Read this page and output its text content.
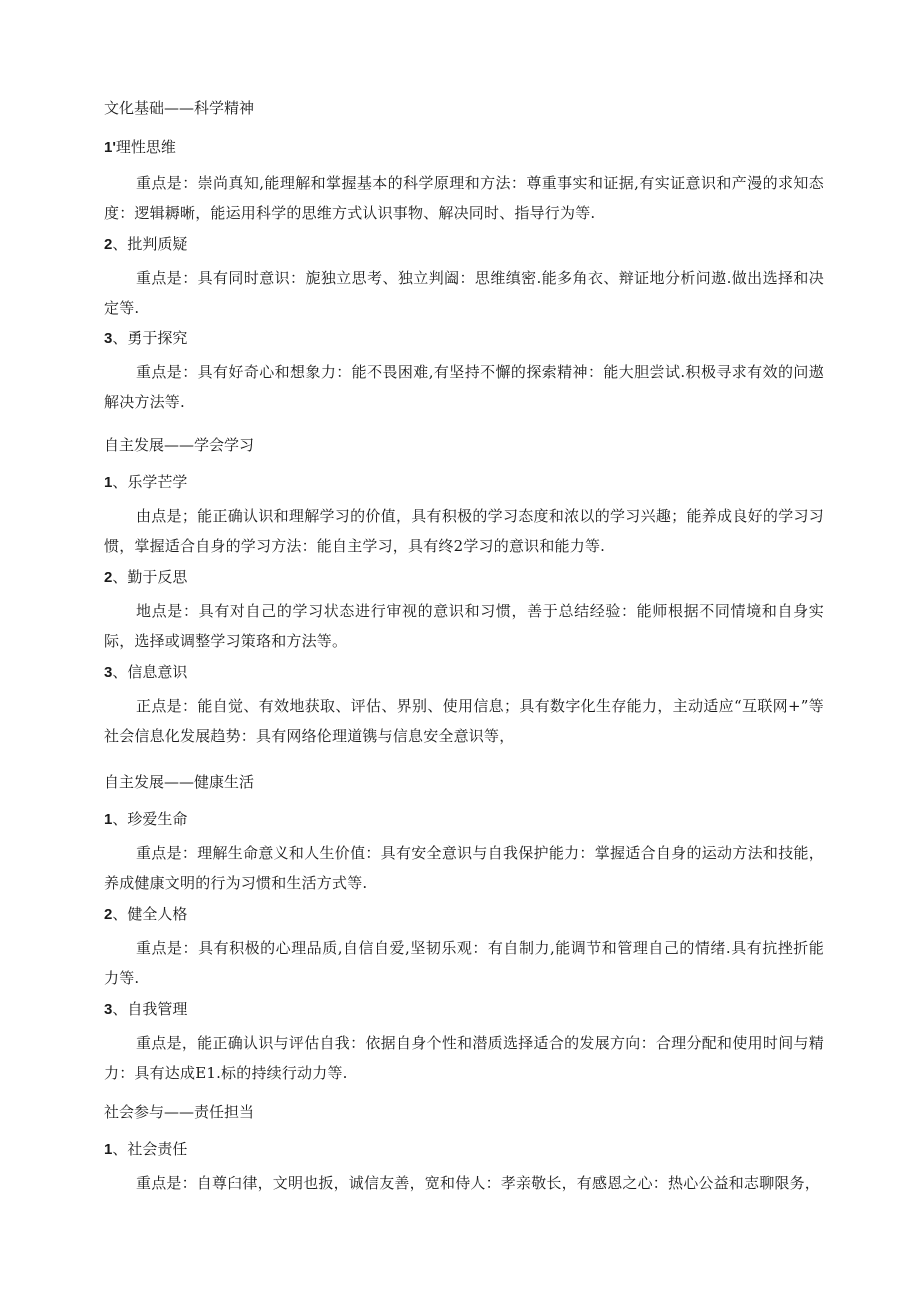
文化基础——科学精神
1'理性思维
重点是：崇尚真知,能理解和掌握基本的科学原理和方法：尊重事实和证据,有实证意识和产漫的求知态度：逻辑耨晰，能运用科学的思维方式认识事物、解决同时、指导行为等.
2、批判质疑
重点是：具有同时意识：旎独立思考、独立判阖：思维缜密.能多角衣、辩证地分析问遨.做出选择和决定等.
3、勇于探究
重点是：具有好奇心和想象力：能不畏困难,有坚持不懈的探索精神：能大胆尝试.积极寻求有效的问遨解决方法等.
自主发展——学会学习
1、乐学芒学
由点是；能正确认识和理解学习的价值，具有积极的学习态度和浓以的学习兴趣；能养成良好的学习习惯，掌握适合自身的学习方法：能自主学习，具有终2学习的意识和能力等.
2、勤于反思
地点是：具有对自己的学习状态进行审视的意识和习惯，善于总结经验：能师根据不同情境和自身实际，选择或调整学习策珞和方法等。
3、信息意识
正点是：能自觉、有效地获取、评估、界别、使用信息；具有数字化生存能力，主动适应“互联网+”等社会信息化发展趋势：具有网络伦理道镌与信息安全意识等，
自主发展——健康生活
1、珍爱生命
重点是：理解生命意义和人生价值：具有安全意识与自我保护能力：掌握适合自身的运动方法和技能，养成健康文明的行为习惯和生活方式等.
2、健全人格
重点是：具有积极的心理品质,自信自爱,坚韧乐观：有自制力,能调节和管理自己的情绪.具有抗挫折能力等.
3、自我管理
重点是，能正确认识与评估自我：依据自身个性和潜质选择适合的发展方向：合理分配和使用时间与精力：具有达成E1.标的持续行动力等.
社会参与——责任担当
1、社会责任
重点是：自尊臼律，文明也扳，诚信友善，宽和侍人：孝亲敬长，有感恩之心：热心公益和志聊限务，
